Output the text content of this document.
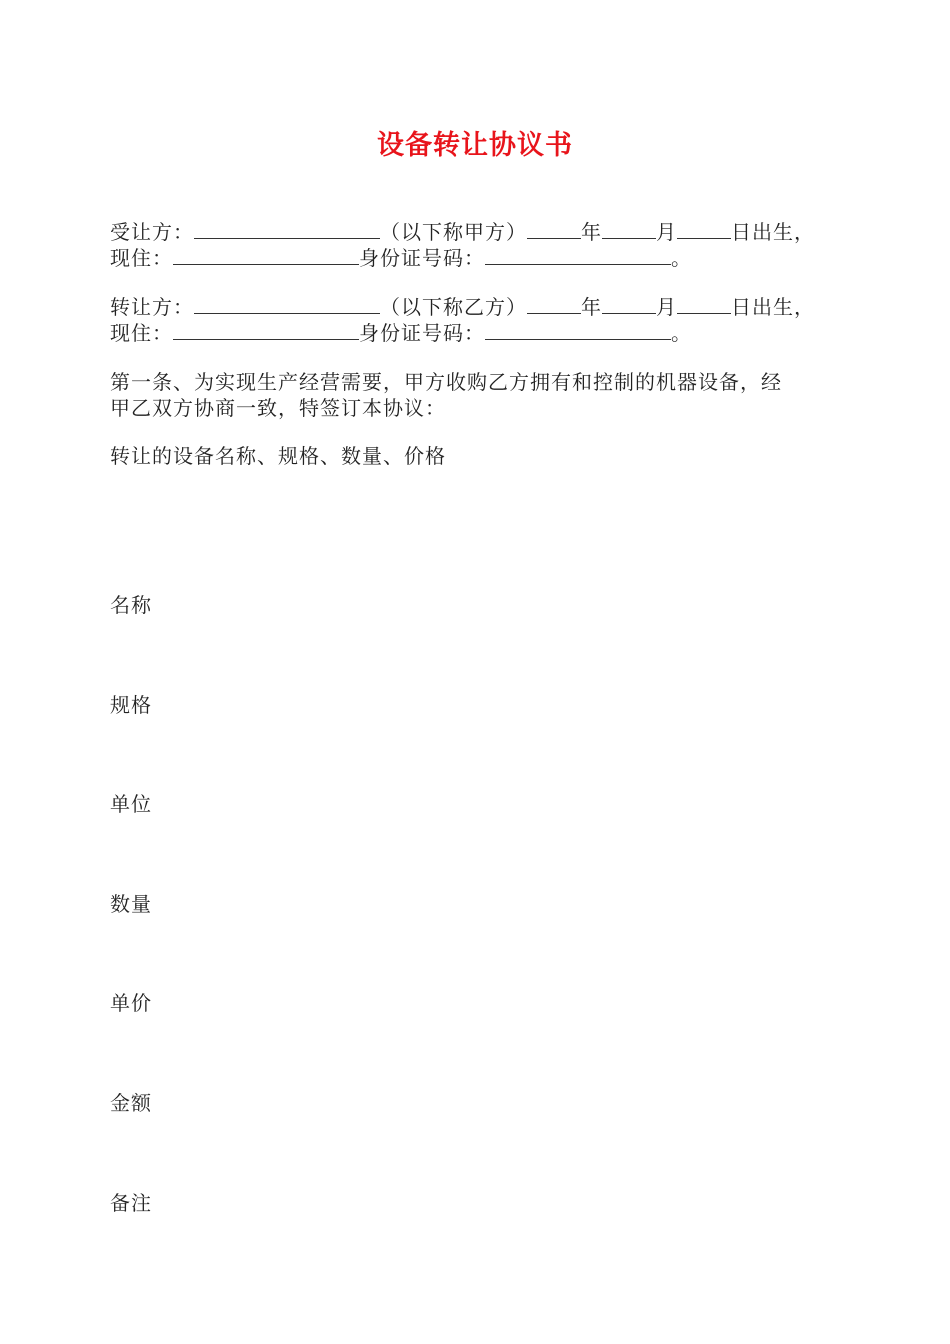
设备转让协议书
受让方：	（以下称甲方）	年	月	日出生，
现住：	身份证号码：	。
转让方：	（以下称乙方）	年	月	日出生，
现住：	身份证号码：	。
第一条、为实现生产经营需要，甲方收购乙方拥有和控制的机器设备，经
甲乙双方协商一致，特签订本协议：
转让的设备名称、规格、数量、价格
名称
规格
单位
数量
单价
金额
备注
